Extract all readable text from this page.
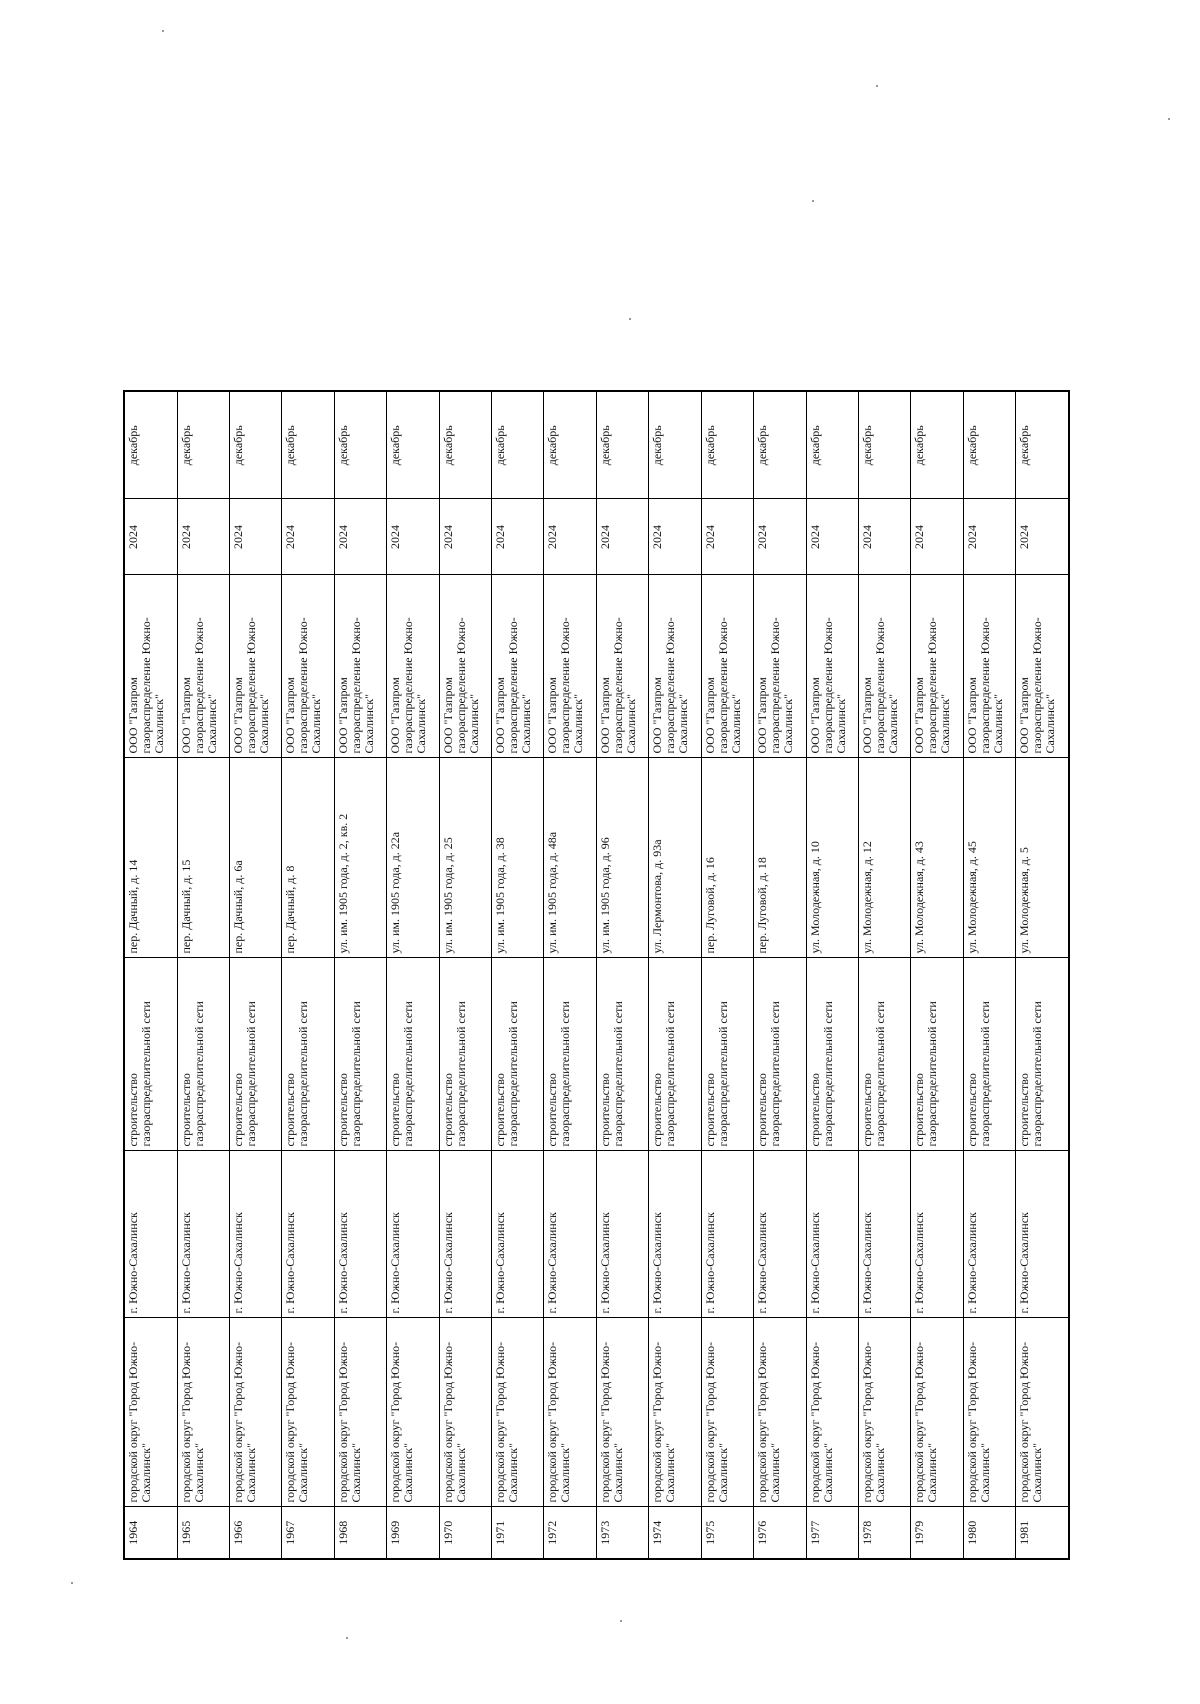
1964	городской округ "Город Южно-Сахалинск"	г. Южно-Сахалинск	строительство газораспределительной сети	пер. Дачный, д. 14	ООО "Газпром газораспределение Южно-Сахалинск"	2024	декабрь
1965	городской округ "Город Южно-Сахалинск"	г. Южно-Сахалинск	строительство газораспределительной сети	пер. Дачный, д. 15	ООО "Газпром газораспределение Южно-Сахалинск"	2024	декабрь
1966	городской округ "Город Южно-Сахалинск"	г. Южно-Сахалинск	строительство газораспределительной сети	пер. Дачный, д. 6а	ООО "Газпром газораспределение Южно-Сахалинск"	2024	декабрь
1967	городской округ "Город Южно-Сахалинск"	г. Южно-Сахалинск	строительство газораспределительной сети	пер. Дачный, д. 8	ООО "Газпром газораспределение Южно-Сахалинск"	2024	декабрь
1968	городской округ "Город Южно-Сахалинск"	г. Южно-Сахалинск	строительство газораспределительной сети	ул. им. 1905 года, д. 2, кв. 2	ООО "Газпром газораспределение Южно-Сахалинск"	2024	декабрь
1969	городской округ "Город Южно-Сахалинск"	г. Южно-Сахалинск	строительство газораспределительной сети	ул. им. 1905 года, д. 22а	ООО "Газпром газораспределение Южно-Сахалинск"	2024	декабрь
1970	городской округ "Город Южно-Сахалинск"	г. Южно-Сахалинск	строительство газораспределительной сети	ул. им. 1905 года, д. 25	ООО "Газпром газораспределение Южно-Сахалинск"	2024	декабрь
1971	городской округ "Город Южно-Сахалинск"	г. Южно-Сахалинск	строительство газораспределительной сети	ул. им. 1905 года, д. 38	ООО "Газпром газораспределение Южно-Сахалинск"	2024	декабрь
1972	городской округ "Город Южно-Сахалинск"	г. Южно-Сахалинск	строительство газораспределительной сети	ул. им. 1905 года, д. 48а	ООО "Газпром газораспределение Южно-Сахалинск"	2024	декабрь
1973	городской округ "Город Южно-Сахалинск"	г. Южно-Сахалинск	строительство газораспределительной сети	ул. им. 1905 года, д. 96	ООО "Газпром газораспределение Южно-Сахалинск"	2024	декабрь
1974	городской округ "Город Южно-Сахалинск"	г. Южно-Сахалинск	строительство газораспределительной сети	ул. Лермонтова, д. 93а	ООО "Газпром газораспределение Южно-Сахалинск"	2024	декабрь
1975	городской округ "Город Южно-Сахалинск"	г. Южно-Сахалинск	строительство газораспределительной сети	пер. Луговой, д. 16	ООО "Газпром газораспределение Южно-Сахалинск"	2024	декабрь
1976	городской округ "Город Южно-Сахалинск"	г. Южно-Сахалинск	строительство газораспределительной сети	пер. Луговой, д. 18	ООО "Газпром газораспределение Южно-Сахалинск"	2024	декабрь
1977	городской округ "Город Южно-Сахалинск"	г. Южно-Сахалинск	строительство газораспределительной сети	ул. Молодежная, д. 10	ООО "Газпром газораспределение Южно-Сахалинск"	2024	декабрь
1978	городской округ "Город Южно-Сахалинск"	г. Южно-Сахалинск	строительство газораспределительной сети	ул. Молодежная, д. 12	ООО "Газпром газораспределение Южно-Сахалинск"	2024	декабрь
1979	городской округ "Город Южно-Сахалинск"	г. Южно-Сахалинск	строительство газораспределительной сети	ул. Молодежная, д. 43	ООО "Газпром газораспределение Южно-Сахалинск"	2024	декабрь
1980	городской округ "Город Южно-Сахалинск"	г. Южно-Сахалинск	строительство газораспределительной сети	ул. Молодежная, д. 45	ООО "Газпром газораспределение Южно-Сахалинск"	2024	декабрь
1981	городской округ "Город Южно-Сахалинск"	г. Южно-Сахалинск	строительство газораспределительной сети	ул. Молодежная, д. 5	ООО "Газпром газораспределение Южно-Сахалинск"	2024	декабрь
